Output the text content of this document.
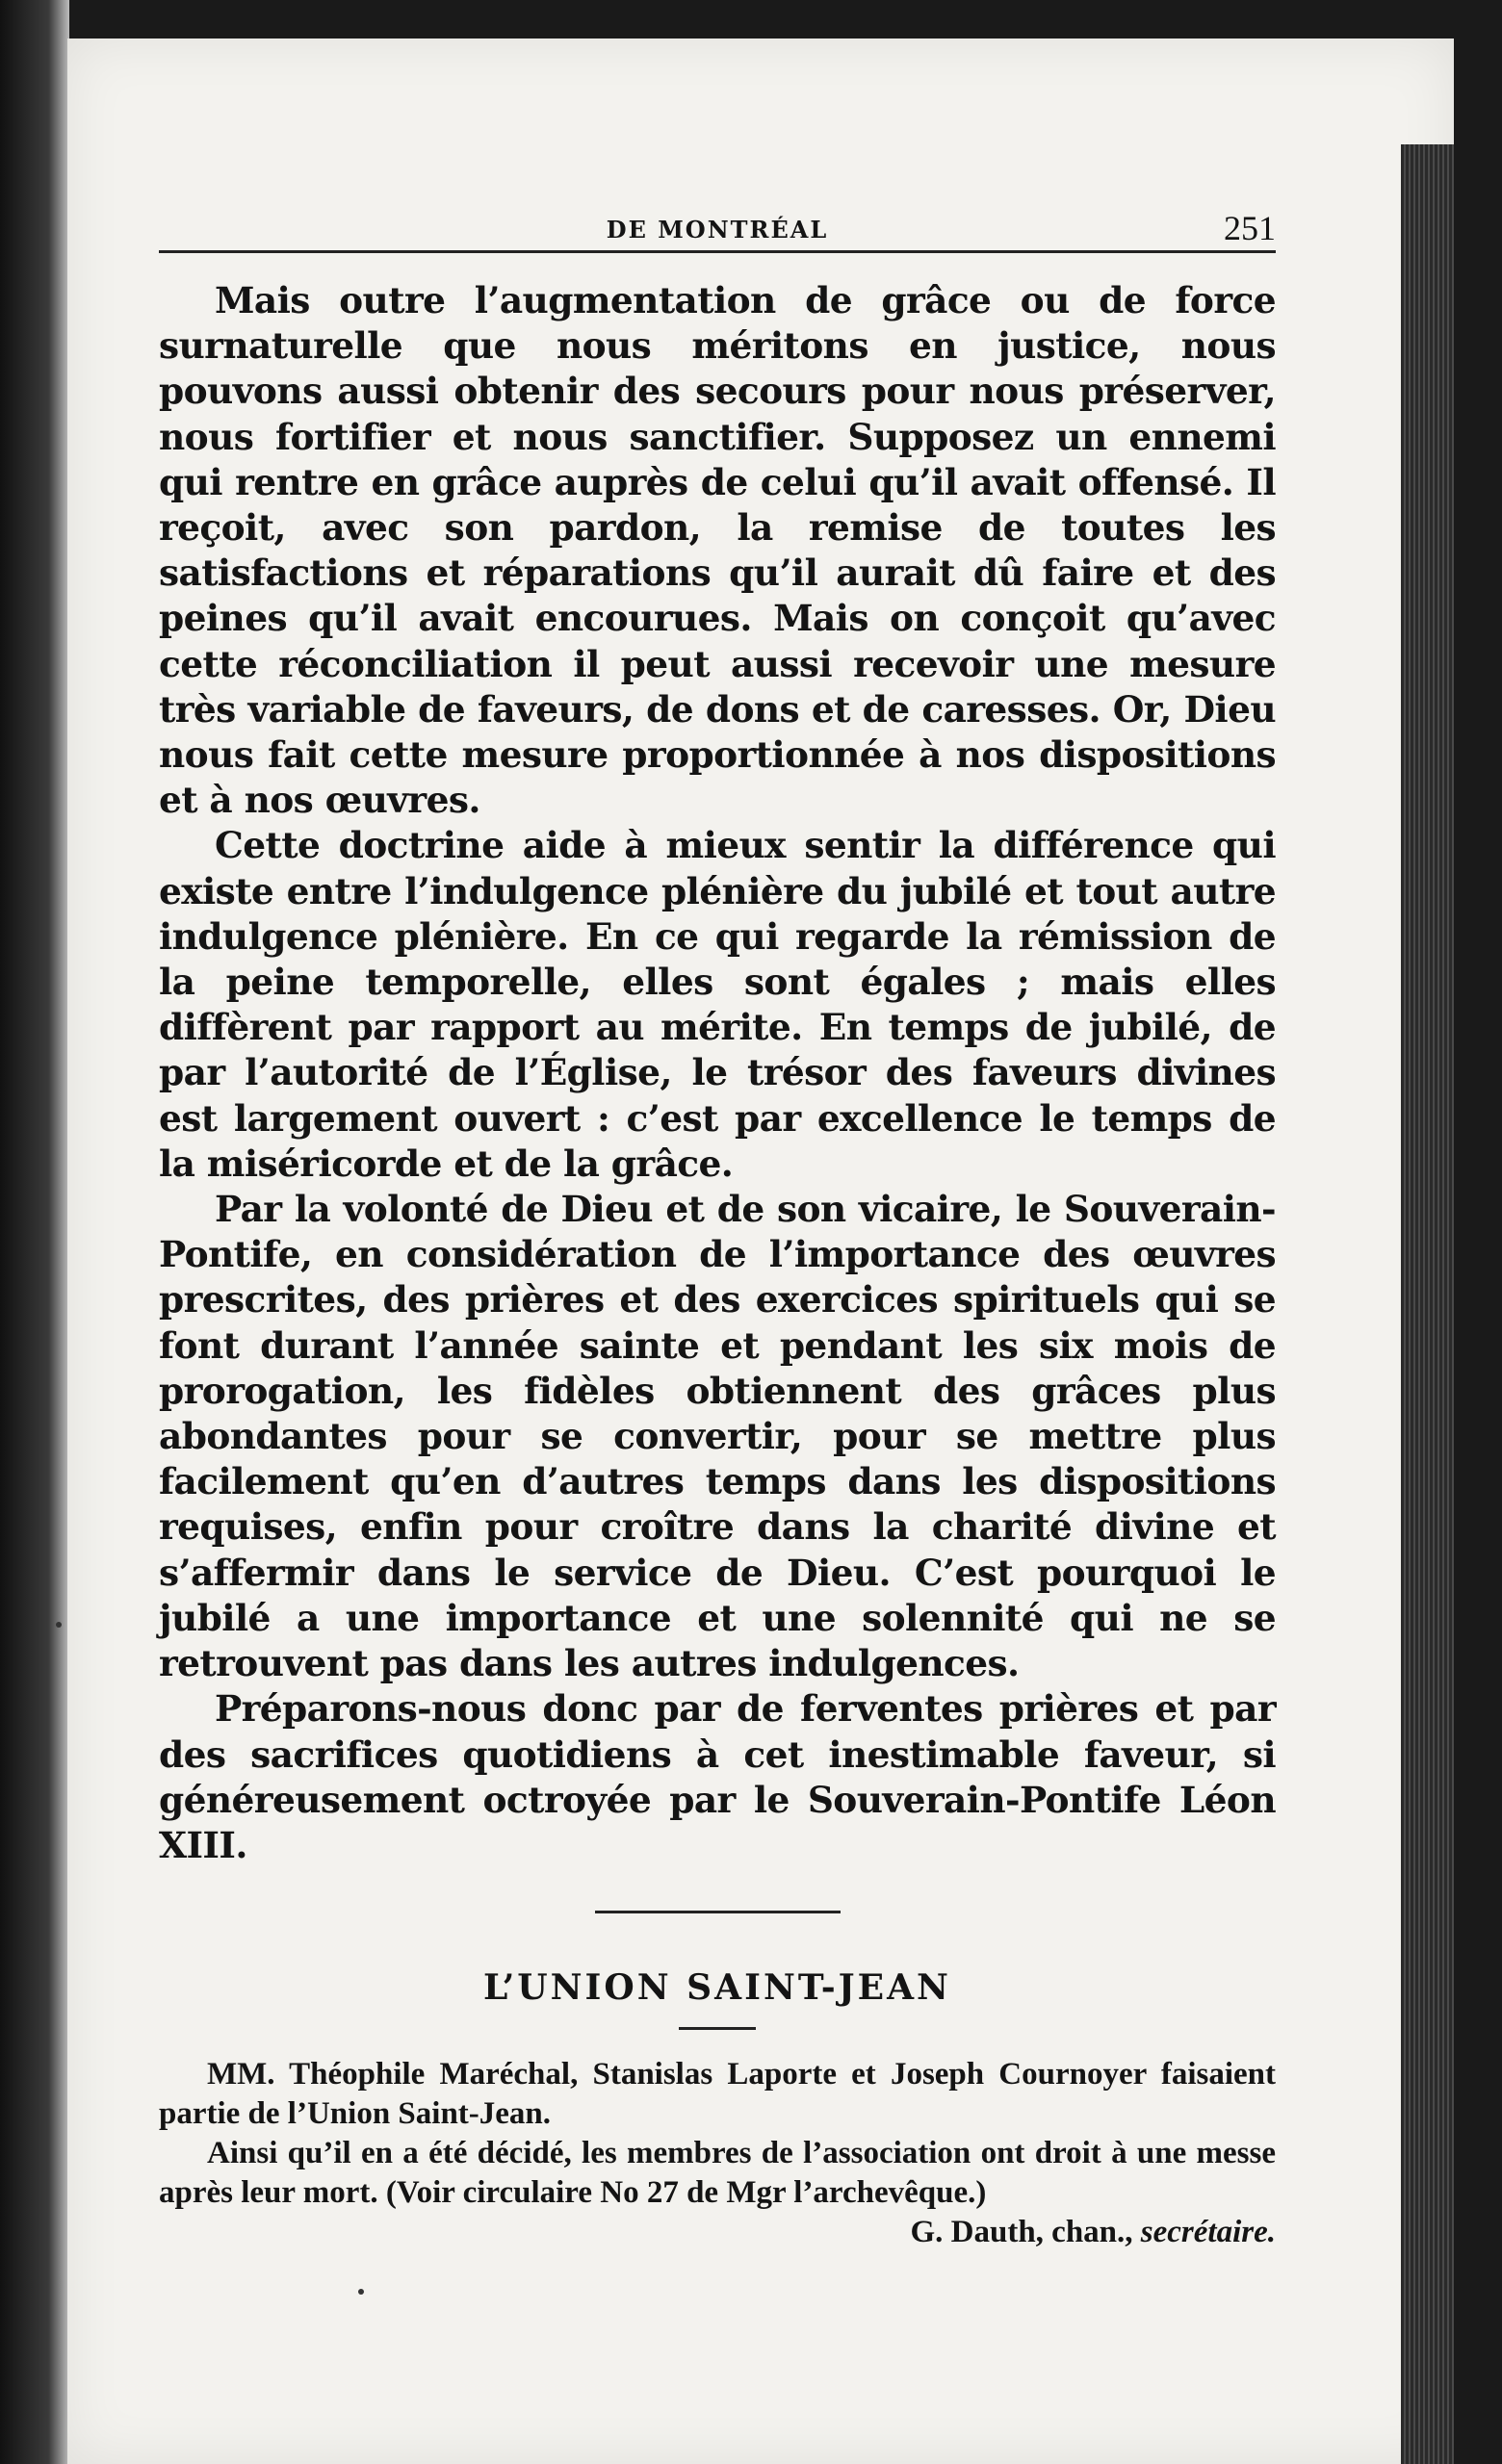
DE MONTRÉAL	251

Mais outre l’augmentation de grâce ou de force surnaturelle que nous méritons en justice, nous pouvons aussi obtenir des secours pour nous préserver, nous fortifier et nous sanctifier. Supposez un ennemi qui rentre en grâce auprès de celui qu’il avait offensé. Il reçoit, avec son pardon, la remise de toutes les satisfactions et réparations qu’il aurait dû faire et des peines qu’il avait encourues. Mais on conçoit qu’avec cette réconciliation il peut aussi recevoir une mesure très variable de faveurs, de dons et de caresses. Or, Dieu nous fait cette mesure proportionnée à nos dispositions et à nos œuvres.

Cette doctrine aide à mieux sentir la différence qui existe entre l’indulgence plénière du jubilé et tout autre indulgence plénière. En ce qui regarde la rémission de la peine temporelle, elles sont égales ; mais elles diffèrent par rapport au mérite. En temps de jubilé, de par l’autorité de l’Église, le trésor des faveurs divines est largement ouvert : c’est par excellence le temps de la miséricorde et de la grâce.

Par la volonté de Dieu et de son vicaire, le Souverain-Pontife, en considération de l’importance des œuvres prescrites, des prières et des exercices spirituels qui se font durant l’année sainte et pendant les six mois de prorogation, les fidèles obtiennent des grâces plus abondantes pour se convertir, pour se mettre plus facilement qu’en d’autres temps dans les dispositions requises, enfin pour croître dans la charité divine et s’affermir dans le service de Dieu. C’est pourquoi le jubilé a une importance et une solennité qui ne se retrouvent pas dans les autres indulgences.

Préparons-nous donc par de ferventes prières et par des sacrifices quotidiens à cet inestimable faveur, si généreusement octroyée par le Souverain-Pontife Léon XIII.

L’UNION SAINT-JEAN

MM. Théophile Maréchal, Stanislas Laporte et Joseph Cournoyer faisaient partie de l’Union Saint-Jean.

Ainsi qu’il en a été décidé, les membres de l’association ont droit à une messe après leur mort. (Voir circulaire No 27 de Mgr l’archevêque.)

G. Dauth, chan., secrétaire.
